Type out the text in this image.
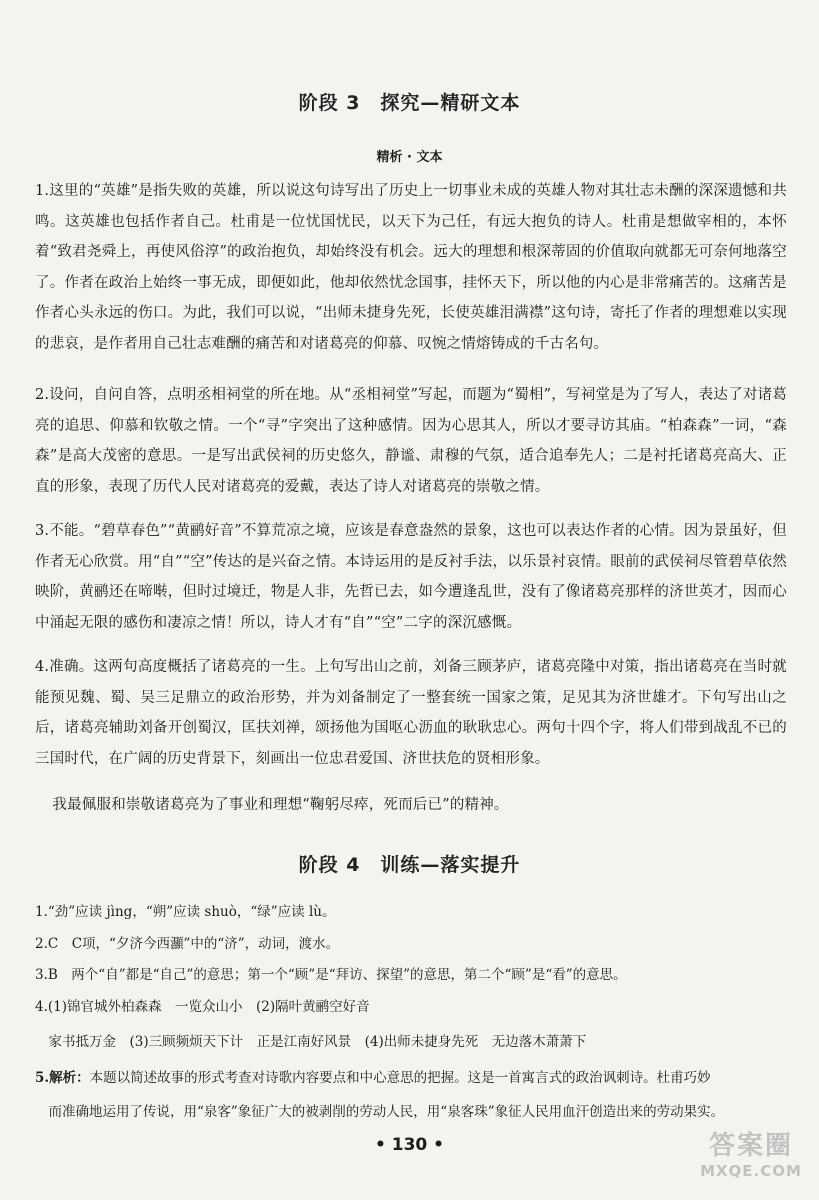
阶段 3　探究—精研文本
精析 · 文本
1.这里的“英雄”是指失败的英雄，所以说这句诗写出了历史上一切事业未成的英雄人物对其壮志未酬的深深遗憾和共鸣。这英雄也包括作者自己。杜甫是一位忧国忧民，以天下为己任，有远大抱负的诗人。杜甫是想做宰相的，本怀着“致君尧舜上，再使风俗淳”的政治抱负，却始终没有机会。远大的理想和根深蒂固的价值取向就都无可奈何地落空了。作者在政治上始终一事无成，即便如此，他却依然忧念国事，挂怀天下，所以他的内心是非常痛苦的。这痛苦是作者心头永远的伤口。为此，我们可以说，“出师未捷身先死，长使英雄泪满襟”这句诗，寄托了作者的理想难以实现的悲哀，是作者用自己壮志难酬的痛苦和对诸葛亮的仰慕、叹惋之情熔铸成的千古名句。
2.设问，自问自答，点明丞相祠堂的所在地。从“丞相祠堂”写起，而题为“蜀相”，写祠堂是为了写人，表达了对诸葛亮的追思、仰慕和钦敬之情。一个“寻”字突出了这种感情。因为心思其人，所以才要寻访其庙。“柏森森”一词，“森森”是高大茂密的意思。一是写出武侯祠的历史悠久，静谧、肃穆的气氛，适合追奉先人；二是衬托诸葛亮高大、正直的形象，表现了历代人民对诸葛亮的爱戴，表达了诗人对诸葛亮的崇敬之情。
3.不能。“碧草春色”“黄鹂好音”不算荒凉之境，应该是春意盎然的景象，这也可以表达作者的心情。因为景虽好，但作者无心欣赏。用“自”“空”传达的是兴奋之情。本诗运用的是反衬手法，以乐景衬哀情。眼前的武侯祠尽管碧草依然映阶，黄鹂还在啼啭，但时过境迁，物是人非，先哲已去，如今遭逢乱世，没有了像诸葛亮那样的济世英才，因而心中涌起无限的感伤和凄凉之情！所以，诗人才有“自”“空”二字的深沉感慨。
4.准确。这两句高度概括了诸葛亮的一生。上句写出山之前，刘备三顾茅庐，诸葛亮隆中对策，指出诸葛亮在当时就能预见魏、蜀、吴三足鼎立的政治形势，并为刘备制定了一整套统一国家之策，足见其为济世雄才。下句写出山之后，诸葛亮辅助刘备开创蜀汉，匡扶刘禅，颂扬他为国呕心沥血的耿耿忠心。两句十四个字，将人们带到战乱不已的三国时代，在广阔的历史背景下，刻画出一位忠君爱国、济世扶危的贤相形象。
我最佩服和崇敬诸葛亮为了事业和理想“鞠躬尽瘁，死而后已”的精神。
阶段 4　训练—落实提升
1.“劲”应读 jìng，“朔”应读 shuò，“绿”应读 lù。
2.C　C项，“夕济今西灦”中的“济”，动词，渡水。
3.B　两个“自”都是“自己”的意思；第一个“顾”是“拜访、探望”的意思，第二个“顾”是“看”的意思。
4.(1)锦官城外柏森森　一览众山小　(2)隔叶黄鹂空好音
　家书抵万金　(3)三顾频烦天下计　正是江南好风景　(4)出师未捷身先死　无边落木萧萧下
5.解析：本题以简述故事的形式考查对诗歌内容要点和中心意思的把握。这是一首寓言式的政治讽刺诗。杜甫巧妙
　而准确地运用了传说，用“泉客”象征广大的被剥削的劳动人民，用“泉客珠”象征人民用血汗创造出来的劳动果实。
• 130 •	答案圈
MXQE.COM
